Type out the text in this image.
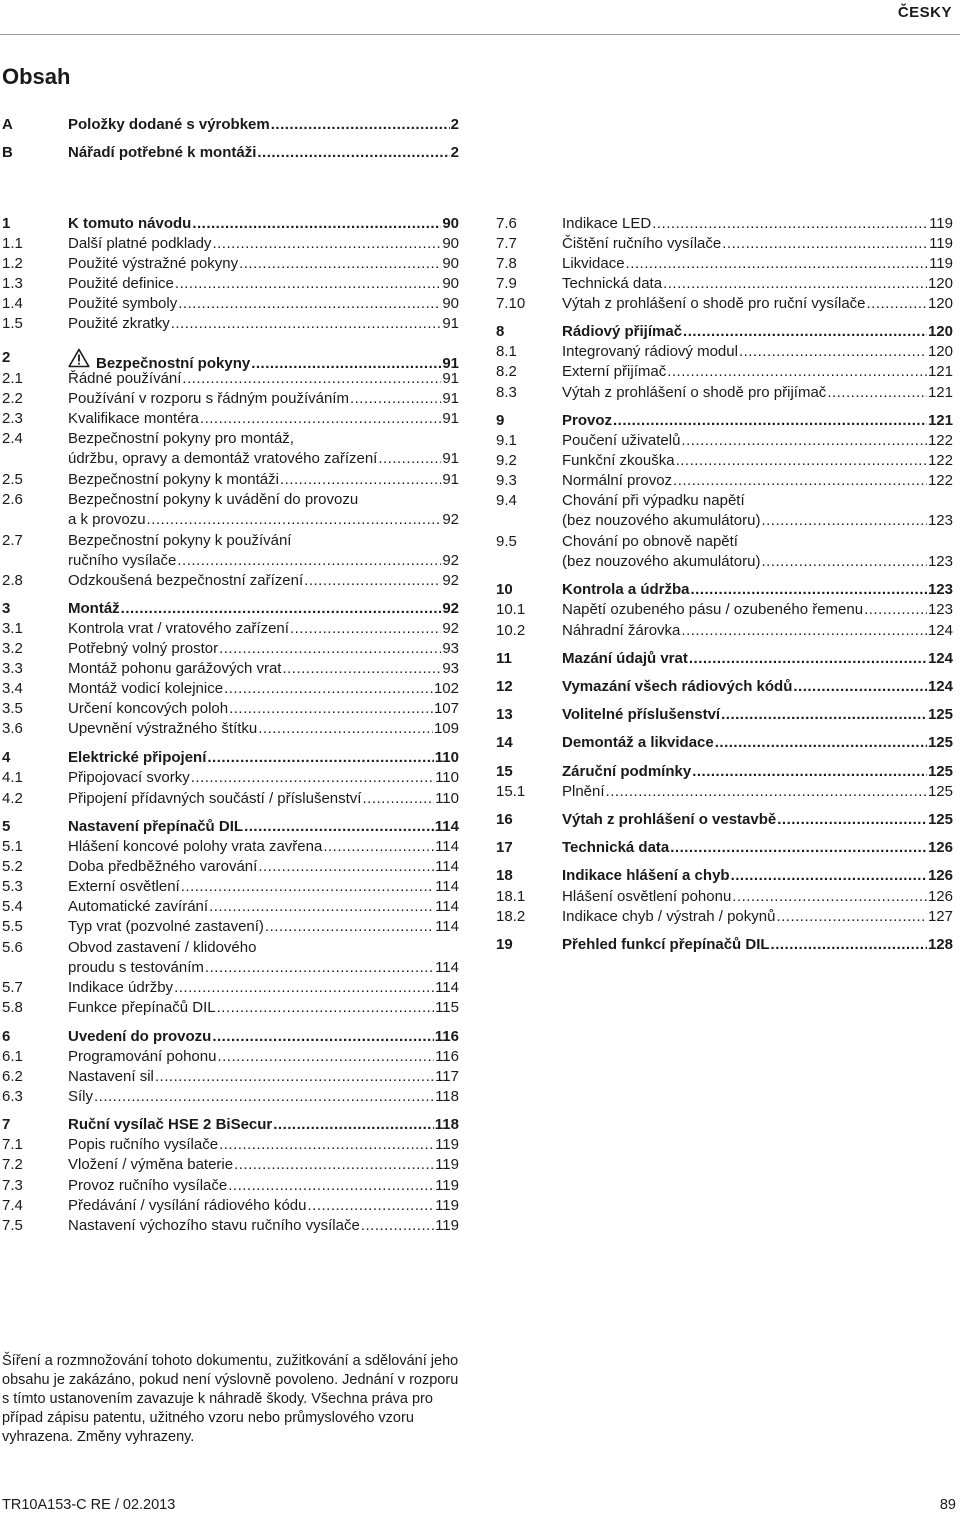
ČESKY
Obsah
A	Položky dodané s výrobkem .....	2
B	Nářadí potřebné k montáži .....	2
1	K tomuto návodu .....	90
1.1	Další platné podklady .....	90
1.2	Použité výstražné pokyny .....	90
1.3	Použité definice .....	90
1.4	Použité symboly .....	90
1.5	Použité zkratky .....	91
2	Bezpečnostní pokyny .....	91
2.1	Řádné používání .....	91
2.2	Používání v rozporu s řádným používáním .....	91
2.3	Kvalifikace montéra .....	91
2.4	Bezpečnostní pokyny pro montáž,
údržbu, opravy a demontáž vratového zařízení .....	91
2.5	Bezpečnostní pokyny k montáži .....	91
2.6	Bezpečnostní pokyny k uvádění do provozu
a k provozu .....	92
2.7	Bezpečnostní pokyny k používání
ručního vysílače .....	92
2.8	Odzkoušená bezpečnostní zařízení .....	92
3	Montáž .....	92
3.1	Kontrola vrat / vratového zařízení .....	92
3.2	Potřebný volný prostor .....	93
3.3	Montáž pohonu garážových vrat .....	93
3.4	Montáž vodicí kolejnice .....	102
3.5	Určení koncových poloh .....	107
3.6	Upevnění výstražného štítku .....	109
4	Elektrické připojení .....	110
4.1	Připojovací svorky .....	110
4.2	Připojení přídavných součástí / příslušenství .....	110
5	Nastavení přepínačů DIL .....	114
5.1	Hlášení koncové polohy vrata zavřena .....	114
5.2	Doba předběžného varování .....	114
5.3	Externí osvětlení .....	114
5.4	Automatické zavírání .....	114
5.5	Typ vrat (pozvolné zastavení) .....	114
5.6	Obvod zastavení / klidového
proudu s testováním .....	114
5.7	Indikace údržby .....	114
5.8	Funkce přepínačů DIL .....	115
6	Uvedení do provozu .....	116
6.1	Programování pohonu .....	116
6.2	Nastavení sil .....	117
6.3	Síly .....	118
7	Ruční vysílač HSE 2 BiSecur .....	118
7.1	Popis ručního vysílače .....	119
7.2	Vložení / výměna baterie .....	119
7.3	Provoz ručního vysílače .....	119
7.4	Předávání / vysílání rádiového kódu .....	119
7.5	Nastavení výchozího stavu ručního vysílače .....	119
7.6	Indikace LED .....	119
7.7	Čištění ručního vysílače .....	119
7.8	Likvidace .....	119
7.9	Technická data .....	120
7.10 Výtah z prohlášení o shodě pro ruční vysílače .....	120
8	Rádiový přijímač .....	120
8.1	Integrovaný rádiový modul .....	120
8.2	Externí přijímač .....	121
8.3	Výtah z prohlášení o shodě pro přijímač .....	121
9	Provoz .....	121
9.1	Poučení uživatelů .....	122
9.2	Funkční zkouška .....	122
9.3	Normální provoz .....	122
9.4	Chování při výpadku napětí
(bez nouzového akumulátoru) .....	123
9.5	Chování po obnově napětí
(bez nouzového akumulátoru) .....	123
10	Kontrola a údržba .....	123
10.1 Napětí ozubeného pásu / ozubeného řemenu .....	123
10.2 Náhradní žárovka .....	124
11	Mazání údajů vrat .....	124
12	Vymazání všech rádiových kódů .....	124
13	Volitelné příslušenství .....	125
14	Demontáž a likvidace .....	125
15	Záruční podmínky .....	125
15.1 Plnění .....	125
16	Výtah z prohlášení o vestavbě .....	125
17	Technická data .....	126
18	Indikace hlášení a chyb .....	126
18.1 Hlášení osvětlení pohonu .....	126
18.2 Indikace chyb / výstrah / pokynů .....	127
19	Přehled funkcí přepínačů DIL .....	128

Šíření a rozmnožování tohoto dokumentu, zužitkování a sdělování jeho obsahu je zakázáno, pokud není výslovně povoleno. Jednání v rozporu s tímto ustanovením zavazuje k náhradě škody. Všechna práva pro případ zápisu patentu, užitného vzoru nebo průmyslového vzoru vyhrazena. Změny vyhrazeny.

TR10A153-C RE / 02.2013	89
